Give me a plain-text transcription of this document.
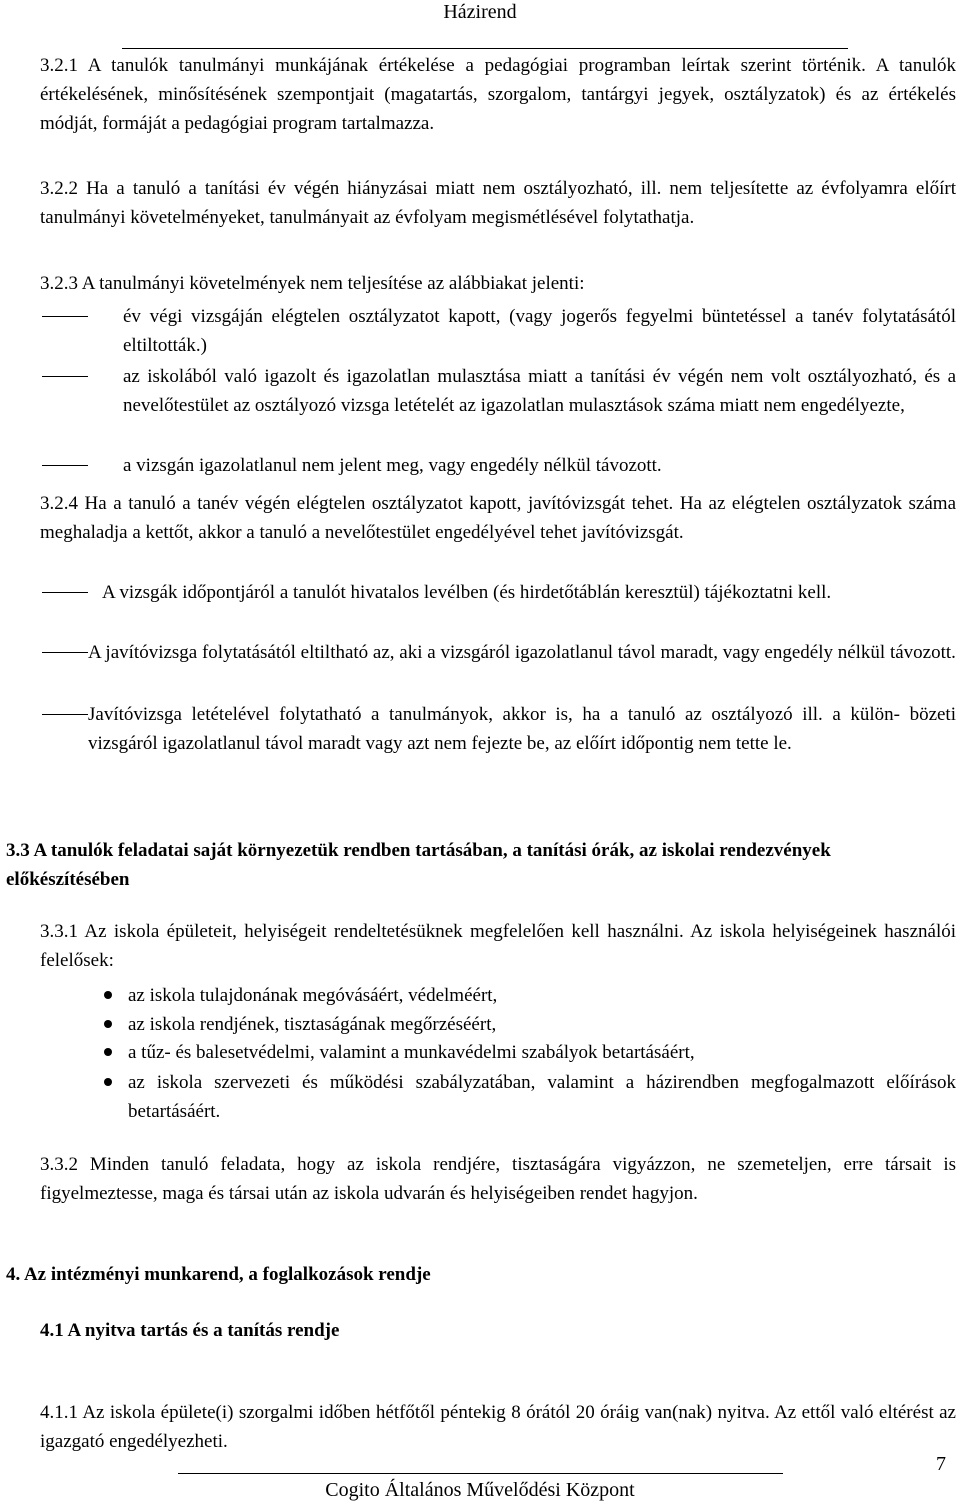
Házirend

3.2.1 A tanulók tanulmányi munkájának értékelése a pedagógiai programban leírtak szerint történik. A tanulók értékelésének, minősítésének szempontjait (magatartás, szorgalom, tantárgyi jegyek, osztályzatok) és az értékelés módját, formáját a pedagógiai program tartalmazza.

3.2.2 Ha a tanuló a tanítási év végén hiányzásai miatt nem osztályozható, ill. nem teljesítette az évfolyamra előírt tanulmányi követelményeket, tanulmányait az évfolyam megismétlésével folytathatja.

3.2.3 A tanulmányi követelmények nem teljesítése az alábbiakat jelenti:

év végi vizsgáján elégtelen osztályzatot kapott, (vagy jogerős fegyelmi büntetéssel a tanév folytatásától eltiltották.)
az iskolából való igazolt és igazolatlan mulasztása miatt a tanítási év végén nem volt osztályozható, és a nevelőtestület az osztályozó vizsga letételét az igazolatlan mulasztások száma miatt nem engedélyezte,
a vizsgán igazolatlanul nem jelent meg, vagy engedély nélkül távozott.

3.2.4 Ha a tanuló a tanév végén elégtelen osztályzatot kapott, javítóvizsgát tehet. Ha az elégtelen osztályzatok száma meghaladja a kettőt, akkor a tanuló a nevelőtestület engedélyével tehet javítóvizsgát.

A vizsgák időpontjáról a tanulót hivatalos levélben (és hirdetőtáblán keresztül) tájékoztatni kell.
A javítóvizsga folytatásától eltiltható az, aki a vizsgáról igazolatlanul távol maradt, vagy engedély nélkül távozott.
Javítóvizsga letételével folytatható a tanulmányok, akkor is, ha a tanuló az osztályozó ill. a külön- bözeti vizsgáról igazolatlanul távol maradt vagy azt nem fejezte be, az előírt időpontig nem tette le.
3.3 A tanulók feladatai saját környezetük rendben tartásában, a tanítási órák, az iskolai rendezvények előkészítésében

3.3.1 Az iskola épületeit, helyiségeit rendeltetésüknek megfelelően kell használni. Az iskola helyiségeinek használói felelősek:

az iskola tulajdonának megóvásáért, védelméért,
az iskola rendjének, tisztaságának megőrzéséért,
a tűz- és balesetvédelmi, valamint a munkavédelmi szabályok betartásáért,
az iskola szervezeti és működési szabályzatában, valamint a házirendben megfogalmazott előírások betartásáért.

3.3.2 Minden tanuló feladata, hogy az iskola rendjére, tisztaságára vigyázzon, ne szemeteljen, erre társait is figyelmeztesse, maga és társai után az iskola udvarán és helyiségeiben rendet hagyjon.

4. Az intézményi munkarend, a foglalkozások rendje
4.1 A nyitva tartás és a tanítás rendje

4.1.1 Az iskola épülete(i) szorgalmi időben hétfőtől péntekig 8 órától 20 óráig van(nak) nyitva. Az ettől való eltérést az igazgató engedélyezheti.

Cogito Általános Művelődési Központ
7
